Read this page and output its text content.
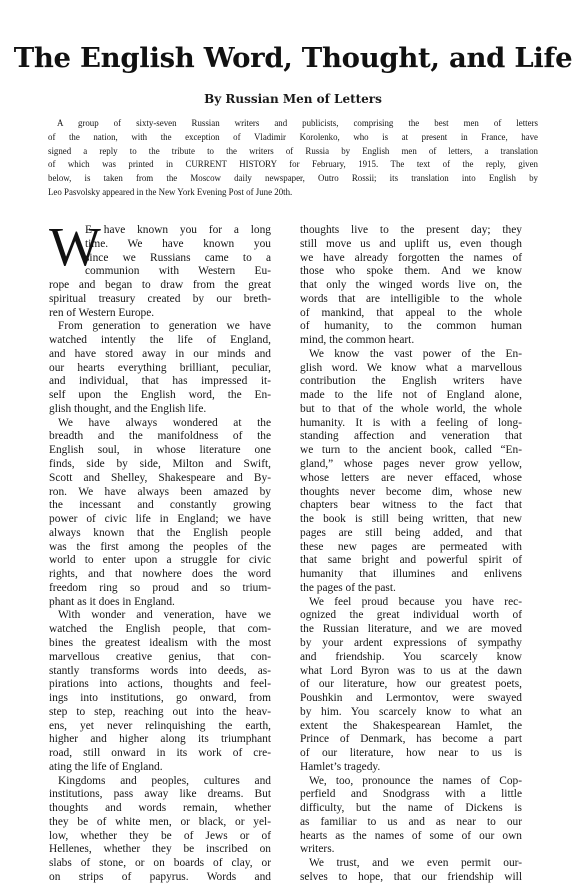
The English Word, Thought, and Life
By Russian Men of Letters

A group of sixty-seven Russian writers and publicists, comprising the best men of letters

of the nation, with the exception of Vladimir Korolenko, who is at present in France, have

signed a reply to the tribute to the writers of Russia by English men of letters, a translation

of which was printed in CURRENT HISTORY for February, 1915. The text of the reply, given

below, is taken from the Moscow daily newspaper, Outro Rossii; its translation into English by

Leo Pasvolsky appeared in the New York Evening Post of June 20th.

W
E have known you for a long
time. We have known you
since we Russians came to a
communion with Western Eu-
rope and began to draw from the great
spiritual treasury created by our breth-
ren of Western Europe.
From generation to generation we have
watched intently the life of England,
and have stored away in our minds and
our hearts everything brilliant, peculiar,
and individual, that has impressed it-
self upon the English word, the En-
glish thought, and the English life.
We have always wondered at the
breadth and the manifoldness of the
English soul, in whose literature one
finds, side by side, Milton and Swift,
Scott and Shelley, Shakespeare and By-
ron. We have always been amazed by
the incessant and constantly growing
power of civic life in England; we have
always known that the English people
was the first among the peoples of the
world to enter upon a struggle for civic
rights, and that nowhere does the word
freedom ring so proud and so trium-
phant as it does in England.
With wonder and veneration, have we
watched the English people, that com-
bines the greatest idealism with the most
marvellous creative genius, that con-
stantly transforms words into deeds, as-
pirations into actions, thoughts and feel-
ings into institutions, go onward, from
step to step, reaching out into the heav-
ens, yet never relinquishing the earth,
higher and higher along its triumphant
road, still onward in its work of cre-
ating the life of England.
Kingdoms and peoples, cultures and
institutions, pass away like dreams. But
thoughts and words remain, whether
they be of white men, or black, or yel-
low, whether they be of Jews or of
Hellenes, whether they be inscribed on
slabs of stone, or on boards of clay, or
on strips of papyrus. Words and
thoughts live to the present day; they
still move us and uplift us, even though
we have already forgotten the names of
those who spoke them. And we know
that only the winged words live on, the
words that are intelligible to the whole
of mankind, that appeal to the whole
of humanity, to the common human
mind, the common heart.
We know the vast power of the En-
glish word. We know what a marvellous
contribution the English writers have
made to the life not of England alone,
but to that of the whole world, the whole
humanity. It is with a feeling of long-
standing affection and veneration that
we turn to the ancient book, called “En-
gland,” whose pages never grow yellow,
whose letters are never effaced, whose
thoughts never become dim, whose new
chapters bear witness to the fact that
the book is still being written, that new
pages are still being added, and that
these new pages are permeated with
that same bright and powerful spirit of
humanity that illumines and enlivens
the pages of the past.
We feel proud because you have rec-
ognized the great individual worth of
the Russian literature, and we are moved
by your ardent expressions of sympathy
and friendship. You scarcely know
what Lord Byron was to us at the dawn
of our literature, how our greatest poets,
Poushkin and Lermontov, were swayed
by him. You scarcely know to what an
extent the Shakespearean Hamlet, the
Prince of Denmark, has become a part
of our literature, how near to us is
Hamlet’s tragedy.
We, too, pronounce the names of Cop-
perfield and Snodgrass with a little
difficulty, but the name of Dickens is
as familiar to us and as near to our
hearts as the names of some of our own
writers.
We trust, and we even permit our-
selves to hope, that our friendship will
